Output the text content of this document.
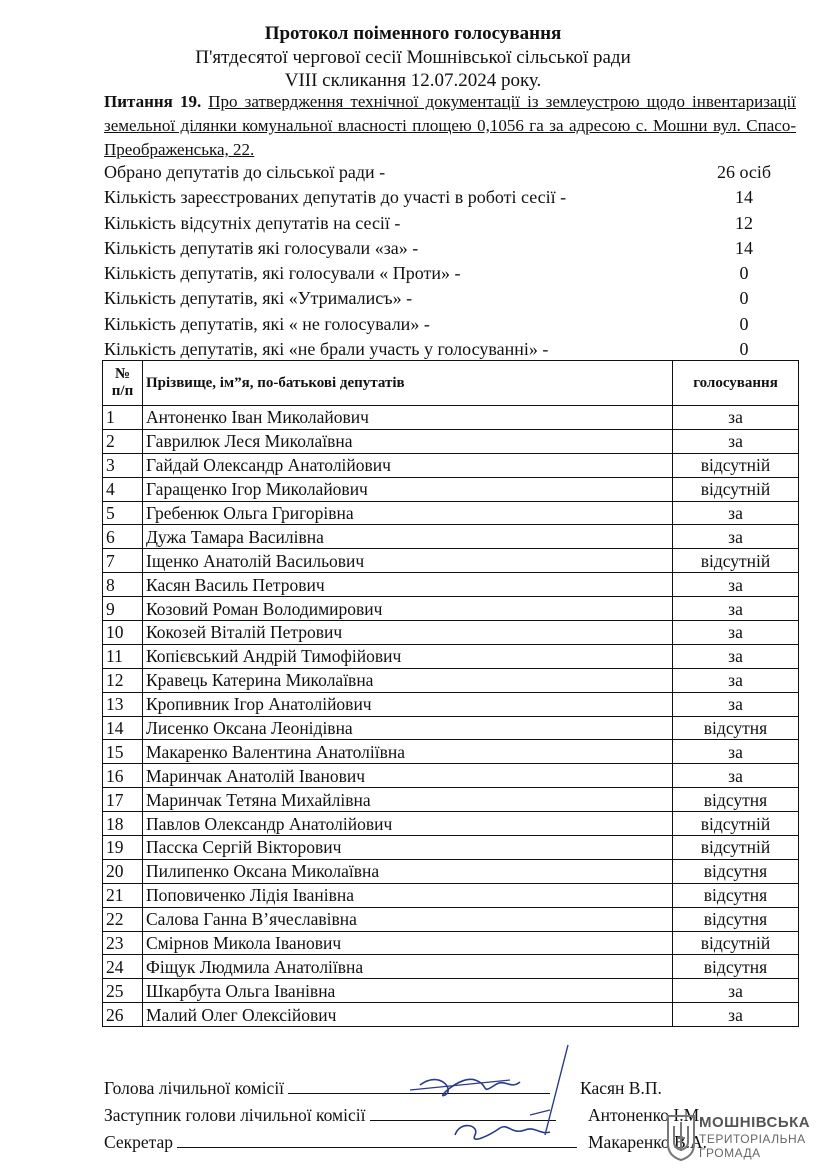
Протокол поіменного голосування
П'ятдесятої чергової сесії Мошнівської сільської ради
VIII скликання 12.07.2024 року.
Питання 19. Про затвердження технічної документації із землеустрою щодо інвентаризації земельної ділянки комунальної власності площею 0,1056 га за адресою с. Мошни вул. Спасо-Преображенська, 22.
Обрано депутатів до сільської ради -	26 осіб
Кількість зареєстрованих депутатів до участі в роботі сесії -	14
Кількість відсутніх депутатів на сесії -	12
Кількість депутатів які голосували «за» -	14
Кількість депутатів, які голосували « Проти» -	0
Кількість депутатів, які «Утрималисъ» -	0
Кількість депутатів, які « не голосували» -	0
Кількість депутатів, які «не брали участь у голосуванні» -	0
№
п/п	Прізвище, ім”я, по-батькові депутатів	голосування
1	Антоненко Іван Миколайович	за
2	Гаврилюк Леся Миколаївна	за
3	Гайдай Олександр Анатолійович	відсутній
4	Гаращенко Ігор Миколайович	відсутній
5	Гребенюк Ольга Григорівна	за
6	Дужа Тамара Василівна	за
7	Іщенко Анатолій Васильович	відсутній
8	Касян Василь Петрович	за
9	Козовий Роман Володимирович	за
10	Кокозей Віталій Петрович	за
11	Копієвський Андрій Тимофійович	за
12	Кравець Катерина Миколаївна	за
13	Кропивник Ігор Анатолійович	за
14	Лисенко Оксана Леонідівна	відсутня
15	Макаренко Валентина Анатоліївна	за
16	Маринчак Анатолій Іванович	за
17	Маринчак Тетяна Михайлівна	відсутня
18	Павлов Олександр Анатолійович	відсутній
19	Пасска Сергій Вікторович	відсутній
20	Пилипенко Оксана Миколаївна	відсутня
21	Поповиченко Лідія Іванівна	відсутня
22	Салова Ганна В’ячеславівна	відсутня
23	Смірнов Микола Іванович	відсутній
24	Фіщук Людмила Анатоліївна	відсутня
25	Шкарбута Ольга Іванівна	за
26	Малий Олег Олексійович	за
Голова лічильної комісії	Касян В.П.
Заступник голови лічильної комісії	Антоненко І.М.
Секретар	Макаренко В.А.
МОШНІВСЬКА
ТЕРИТОРІАЛЬНА
ГРОМАДА
